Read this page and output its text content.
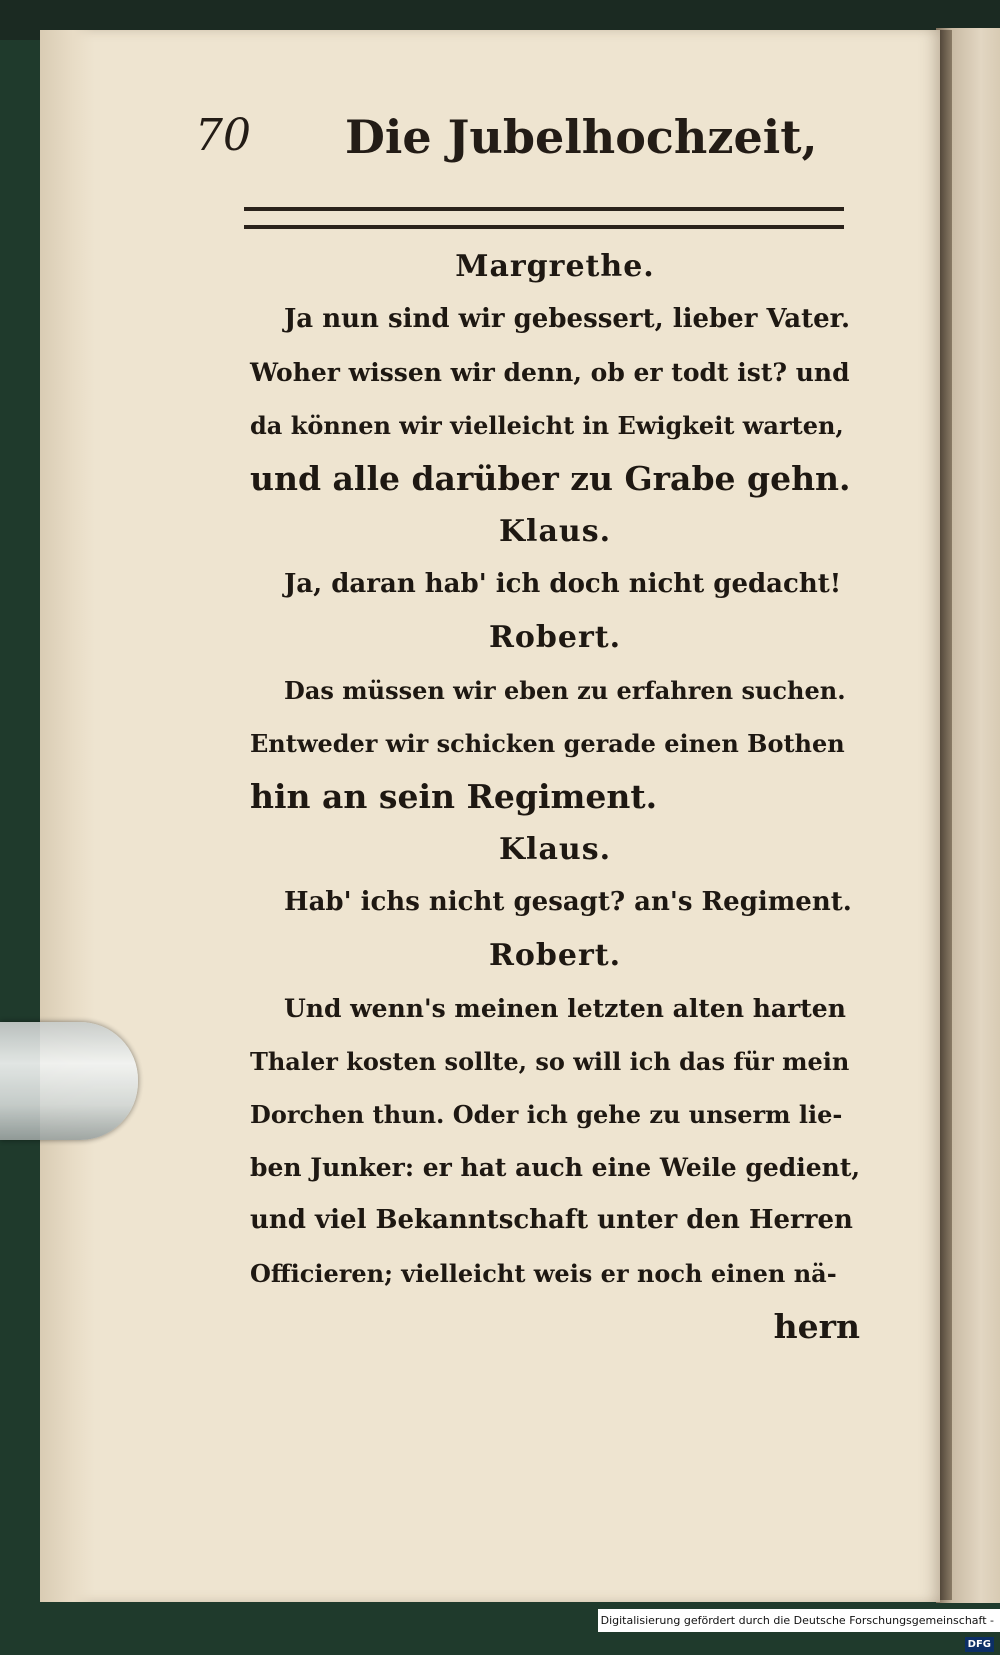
70 Die Jubelhochzeit,
Margrethe.
Ja nun sind wir gebessert, lieber Vater.
Woher wissen wir denn, ob er todt ist? und
da können wir vielleicht in Ewigkeit warten,
und alle darüber zu Grabe gehn.
Klaus.
Ja, daran hab' ich doch nicht gedacht!
Robert.
Das müssen wir eben zu erfahren suchen.
Entweder wir schicken gerade einen Bothen
hin an sein Regiment.
Klaus.
Hab' ichs nicht gesagt? an's Regiment.
Robert.
Und wenn's meinen letzten alten harten
Thaler kosten sollte, so will ich das für mein
Dorchen thun. Oder ich gehe zu unserm lie-
ben Junker: er hat auch eine Weile gedient,
und viel Bekanntschaft unter den Herren
Officieren; vielleicht weis er noch einen nä-
hern
Digitalisierung gefördert durch die Deutsche Forschungsgemeinschaft - DFG
